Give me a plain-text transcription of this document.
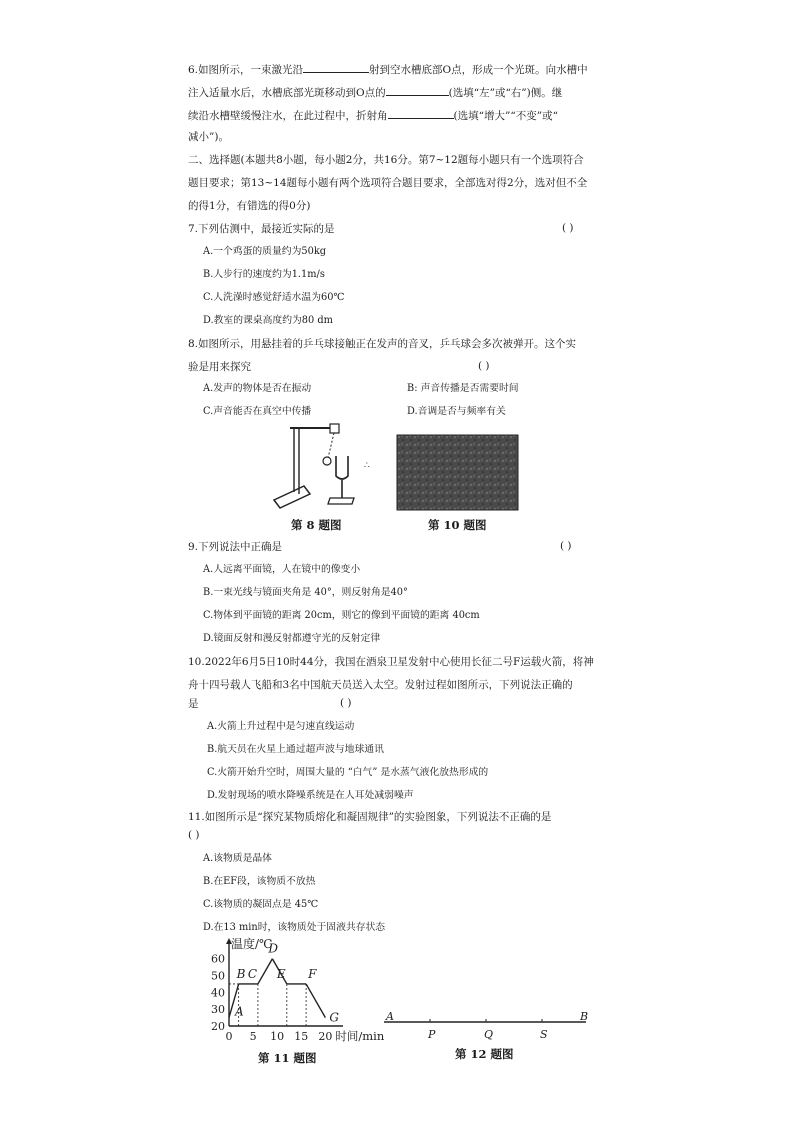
6.如图所示，一束激光沿	射到空水槽底部O点，形成一个光斑。向水槽中
注入适量水后，水槽底部光斑移动到O点的	(选填“左”或“右”)侧。继
续沿水槽壁缓慢注水，在此过程中，折射角	(选填“增大”“不变”或“
减小”)。
二、选择题(本题共8小题，每小题2分，共16分。第7~12题每小题只有一个选项符合
题目要求；第13~14题每小题有两个选项符合题目要求，全部选对得2分，选对但不全
的得1分，有错选的得0分)
7.下列估测中，最接近实际的是	( )
A.一个鸡蛋的质量约为50kg
B.人步行的速度约为1.1m/s
C.人洗澡时感觉舒适水温为60℃
D.教室的课桌高度约为80 dm
8.如图所示，用悬挂着的乒乓球接触正在发声的音叉，乒乓球会多次被弹开。这个实
验是用来探究	( )
A.发声的物体是否在振动	B: 声音传播是否需要时间
C.声音能否在真空中传播	D.音调是否与频率有关
∴
第 8 题图	第 10 题图
9.下列说法中正确是	( )
A.人远离平面镜，人在镜中的像变小
B.一束光线与镜面夹角是 40°，则反射角是40°
C.物体到平面镜的距离 20cm，则它的像到平面镜的距离 40cm
D.镜面反射和漫反射都遵守光的反射定律
10.2022年6月5日10时44分，我国在酒泉卫星发射中心使用长征二号F运载火箭，将神
舟十四号载人飞船和3名中国航天员送入太空。发射过程如图所示，下列说法正确的
是	( )
A.火箭上升过程中是匀速直线运动
B.航天员在火星上通过超声波与地球通讯
C.火箭开始升空时，周围大量的 “白气” 是水蒸气液化放热形成的
D.发射现场的喷水降噪系统是在人耳处减弱噪声
11.如图所示是“探究某物质熔化和凝固规律”的实验图象，下列说法不正确的是
( )
A.该物质是晶体
B.在EF段，该物质不放热
C.该物质的凝固点是 45℃
D.在13 min时，该物质处于固液共存状态
温度/℃
20
30
40
50
60
0 5 10 15 20 时间/min
A
B C
D
E F
G	A
P	Q	S
B
第 11 题图	第 12 题图
